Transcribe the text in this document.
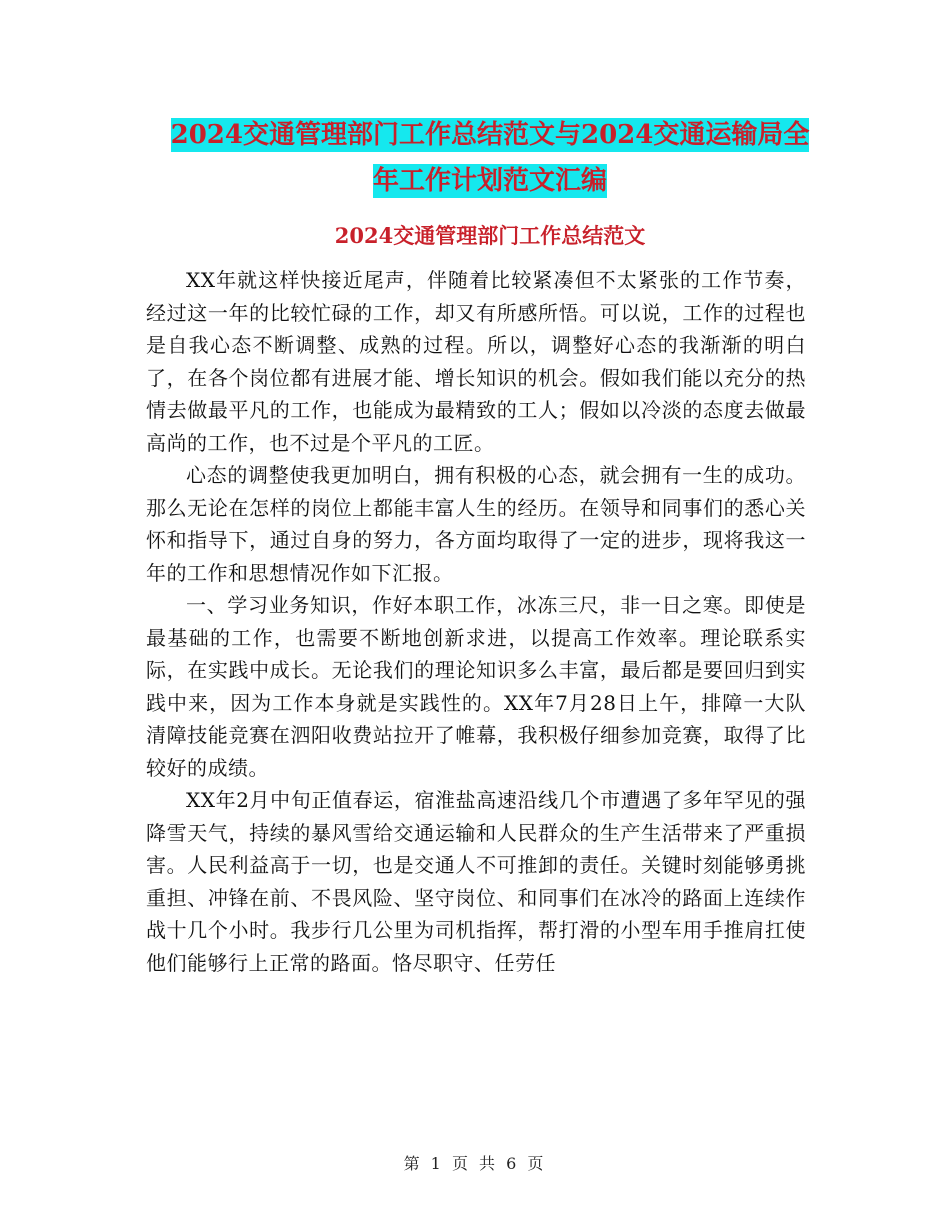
2024交通管理部门工作总结范文与2024交通运输局全
年工作计划范文汇编
2024交通管理部门工作总结范文

XX年就这样快接近尾声，伴随着比较紧凑但不太紧张的工作节奏，经过这一年的比较忙碌的工作，却又有所感所悟。可以说，工作的过程也是自我心态不断调整、成熟的过程。所以，调整好心态的我渐渐的明白了，在各个岗位都有进展才能、增长知识的机会。假如我们能以充分的热情去做最平凡的工作，也能成为最精致的工人；假如以冷淡的态度去做最高尚的工作，也不过是个平凡的工匠。

心态的调整使我更加明白，拥有积极的心态，就会拥有一生的成功。那么无论在怎样的岗位上都能丰富人生的经历。在领导和同事们的悉心关怀和指导下，通过自身的努力，各方面均取得了一定的进步，现将我这一年的工作和思想情况作如下汇报。

一、学习业务知识，作好本职工作，冰冻三尺，非一日之寒。即使是最基础的工作，也需要不断地创新求进，以提高工作效率。理论联系实际，在实践中成长。无论我们的理论知识多么丰富，最后都是要回归到实践中来，因为工作本身就是实践性的。XX年7月28日上午，排障一大队清障技能竞赛在泗阳收费站拉开了帷幕，我积极仔细参加竞赛，取得了比较好的成绩。

XX年2月中旬正值春运，宿淮盐高速沿线几个市遭遇了多年罕见的强降雪天气，持续的暴风雪给交通运输和人民群众的生产生活带来了严重损害。人民利益高于一切，也是交通人不可推卸的责任。关键时刻能够勇挑重担、冲锋在前、不畏风险、坚守岗位、和同事们在冰冷的路面上连续作战十几个小时。我步行几公里为司机指挥，帮打滑的小型车用手推肩扛使他们能够行上正常的路面。恪尽职守、任劳任

第 1 页 共 6 页
